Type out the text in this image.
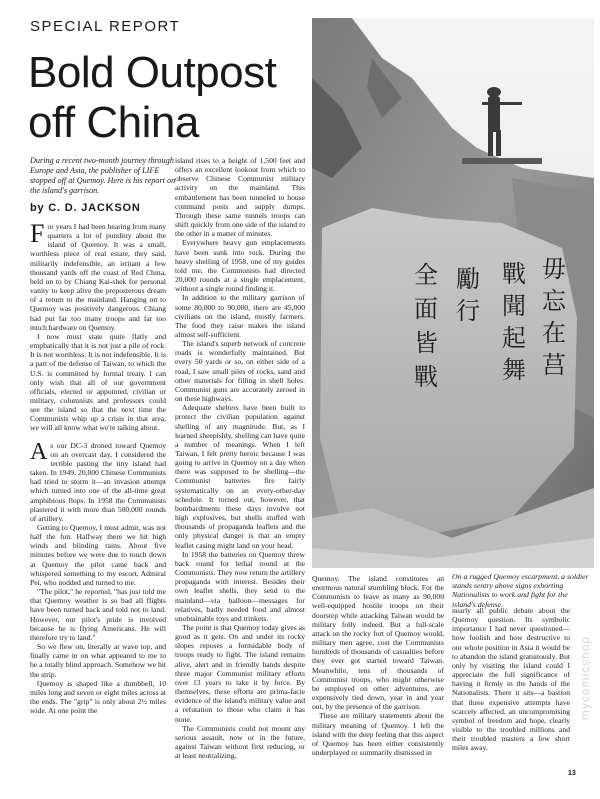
SPECIAL REPORT
Bold Outpost
off China
毋忘在莒
戰聞起舞
勵行
全面皆戰
During a recent two-month journey through Europe and Asia, the publisher of LIFE stopped off at Quemoy. Here is his report on the island's garrison.
by C. D. JACKSON

For years I had been hearing from many quarters a lot of punditry about the island of Quemoy. It was a small, worthless piece of real estate, they said, militarily indefensible, an irritant a few thousand yards off the coast of Red China, held on to by Chiang Kai-shek for personal vanity to keep alive the preposterous dream of a return to the mainland. Hanging on to Quemoy was positively dangerous. Chiang had put far too many troops and far too much hardware on Quemoy.

I now must state quite flatly and emphatically that it is not just a pile of rock. It is not worthless. It is not indefensible. It is a part of the defense of Taiwan, to which the U.S. is committed by formal treaty. I can only wish that all of our government officials, elected or appointed, civilian or military, columnists and professors could see the island so that the next time the Communists whip up a crisis in that area, we will all know what we're talking about.

As our DC-3 droned toward Quemoy on an overcast day, I considered the terrible pasting the tiny island had taken. In 1949, 20,000 Chinese Communists had tried to storm it—an invasion attempt which turned into one of the all-time great amphibious flops. In 1958 the Communists plastered it with more than 500,000 rounds of artillery.

Getting to Quemoy, I must admit, was not half the fun. Halfway there we hit high winds and blinding rains. About five minutes before we were due to touch down at Quemoy the pilot came back and whispered something to my escort, Admiral Pei, who nodded and turned to me.

"The pilot," he reported, "has just told me that Quemoy weather is so bad all flights have been turned back and told not to land. However, our pilot's pride is involved because he is flying Americans. He will therefore try to land."

So we flew on, literally at wave top, and finally came in on what appeared to me to be a totally blind approach. Somehow we hit the strip.

Quemoy is shaped like a dumbbell, 10 miles long and seven or eight miles across at the ends. The "grip" is only about 2½ miles wide. At one point the

island rises to a height of 1,500 feet and offers an excellent lookout from which to observe Chinese Communist military activity on the mainland. This embattlement has been tunneled to house command posts and supply dumps. Through these same tunnels troops can shift quickly from one side of the island to the other in a matter of minutes.

Everywhere heavy gun emplacements have been sunk into rock. During the heavy shelling of 1958, one of my guides told me, the Communists had directed 20,000 rounds at a single emplacement, without a single round finding it.

In addition to the military garrison of some 80,000 to 90,000, there are 45,000 civilians on the island, mostly farmers. The food they raise makes the island almost self-sufficient.

The island's superb network of concrete roads is wonderfully maintained. But every 50 yards or so, on either side of a road, I saw small piles of rocks, sand and other materials for filling in shell holes. Communist guns are accurately zeroed in on these highways.

Adequate shelters have been built to protect the civilian population against shelling of any magnitude. But, as I learned sheepishly, shelling can have quite a number of meanings. When I left Taiwan, I felt pretty heroic because I was going to arrive in Quemoy on a day when there was supposed to be shelling—the Communist batteries fire fairly systematically on an every-other-day schedule. It turned out, however, that bombardments these days involve not high explosives, but shells stuffed with thousands of propaganda leaflets and the only physical danger is that an empty leaflet casing might land on your head.

In 1958 the batteries on Quemoy threw back round for lethal round at the Communists. They now return the artillery propaganda with interest. Besides their own leaflet shells, they send to the mainland—via balloon—messages for relatives, badly needed food and almost unobtainable toys and trinkets.

The point is that Quemoy today gives as good as it gets. On and under its rocky slopes reposes a formidable body of troops ready to fight. The island remains alive, alert and in friendly hands despite three major Communist military efforts over 13 years to take it by force. By themselves, these efforts are prima-facie evidence of the island's military value and a refutation to those who claim it has none.

The Communists could not mount any serious assault, now or in the future, against Taiwan without first reducing, or at least neutralizing,

Quemoy. The island constitutes an enormous natural stumbling block. For the Communists to leave as many as 90,000 well-equipped hostile troops on their doorstep while attacking Taiwan would be military folly indeed. But a full-scale attack on the rocky fort of Quemoy would, military men agree, cost the Communists hundreds of thousands of casualties before they ever got started toward Taiwan. Meanwhile, tens of thousands of Communist troops, who might otherwise be employed on other adventures, are expensively tied down, year in and year out, by the presence of the garrison.

These are military statements about the military meaning of Quemoy. I left the island with the deep feeling that this aspect of Quemoy has been either consistently underplayed or summarily dismissed in

On a rugged Quemoy escarpment, a soldier stands sentry above signs exhorting Nationalists to work and fight for the island's defense.

nearly all public debate about the Quemoy question. Its symbolic importance I had never questioned—how foolish and how destructive to our whole position in Asia it would be to abandon the island gratuitously. But only by visiting the island could I appreciate the full significance of having it firmly in the hands of the Nationalists. There it sits—a bastion that three expensive attempts have scarcely affected, an uncompromising symbol of freedom and hope, clearly visible to the troubled millions and their troubled masters a few short miles away.

13
mycomicshop
